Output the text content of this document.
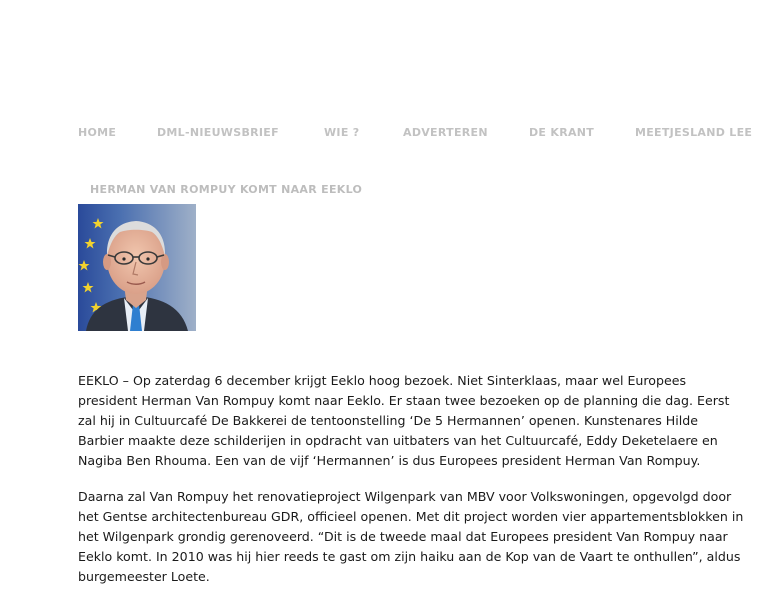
HOME	DML-NIEUWSBRIEF	WIE ?	ADVERTEREN	DE KRANT	MEETJESLAND LEE
HERMAN VAN ROMPUY KOMT NAAR EEKLO

EEKLO – Op zaterdag 6 december krijgt Eeklo hoog bezoek. Niet Sinterklaas, maar wel Europees president Herman Van Rompuy komt naar Eeklo. Er staan twee bezoeken op de planning die dag. Eerst zal hij in Cultuurcafé De Bakkerei de tentoonstelling ‘De 5 Hermannen’ openen. Kunstenares Hilde Barbier maakte deze schilderijen in opdracht van uitbaters van het Cultuurcafé, Eddy Deketelaere en Nagiba Ben Rhouma. Een van de vijf ‘Hermannen’ is dus Europees president Herman Van Rompuy.

Daarna zal Van Rompuy het renovatieproject Wilgenpark van MBV voor Volkswoningen, opgevolgd door het Gentse architectenbureau GDR, officieel openen. Met dit project worden vier appartementsblokken in het Wilgenpark grondig gerenoveerd. “Dit is de tweede maal dat Europees president Van Rompuy naar Eeklo komt. In 2010 was hij hier reeds te gast om zijn haiku aan de Kop van de Vaart te onthullen”, aldus burgemeester Loete.
